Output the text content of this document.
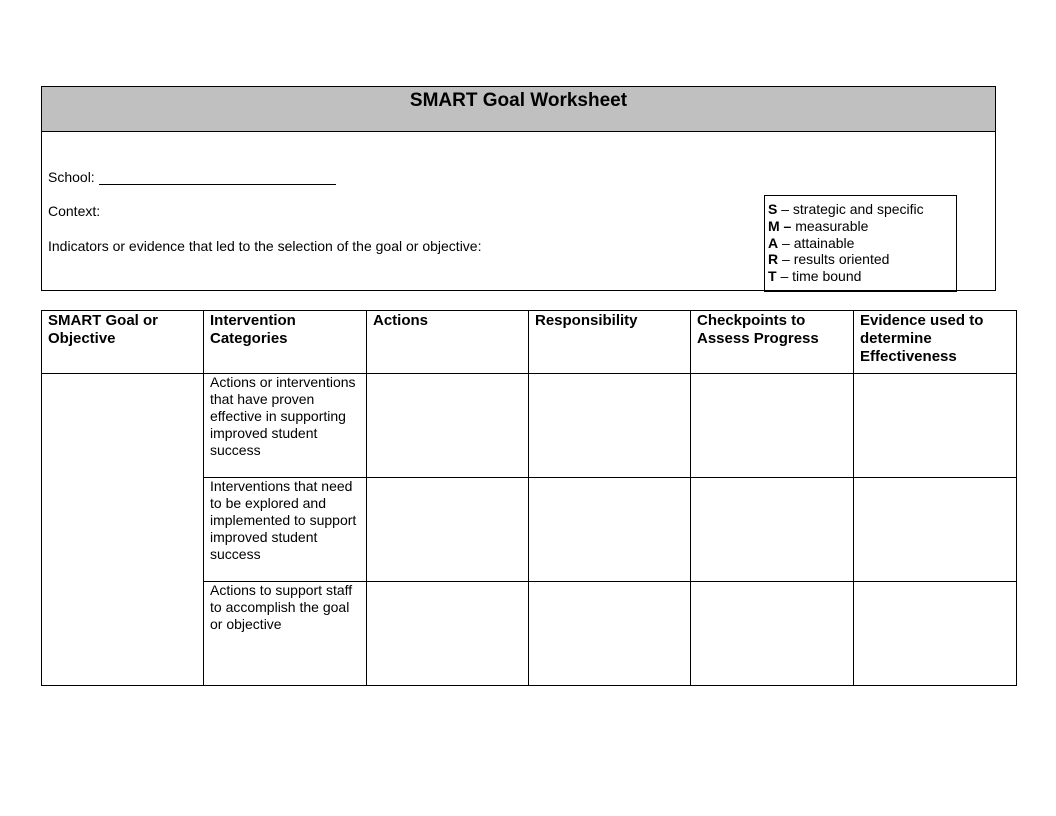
SMART Goal Worksheet
School:
Context:
Indicators or evidence that led to the selection of the goal or objective:
S – strategic and specific
M – measurable
A – attainable
R – results oriented
T – time bound
SMART Goal or Objective	Intervention Categories	Actions	Responsibility	Checkpoints to Assess Progress	Evidence used to determine Effectiveness
	Actions or interventions that have proven effective in supporting improved student success				
	Interventions that need to be explored and implemented to support improved student success				
	Actions to support staff to accomplish the goal or objective				
